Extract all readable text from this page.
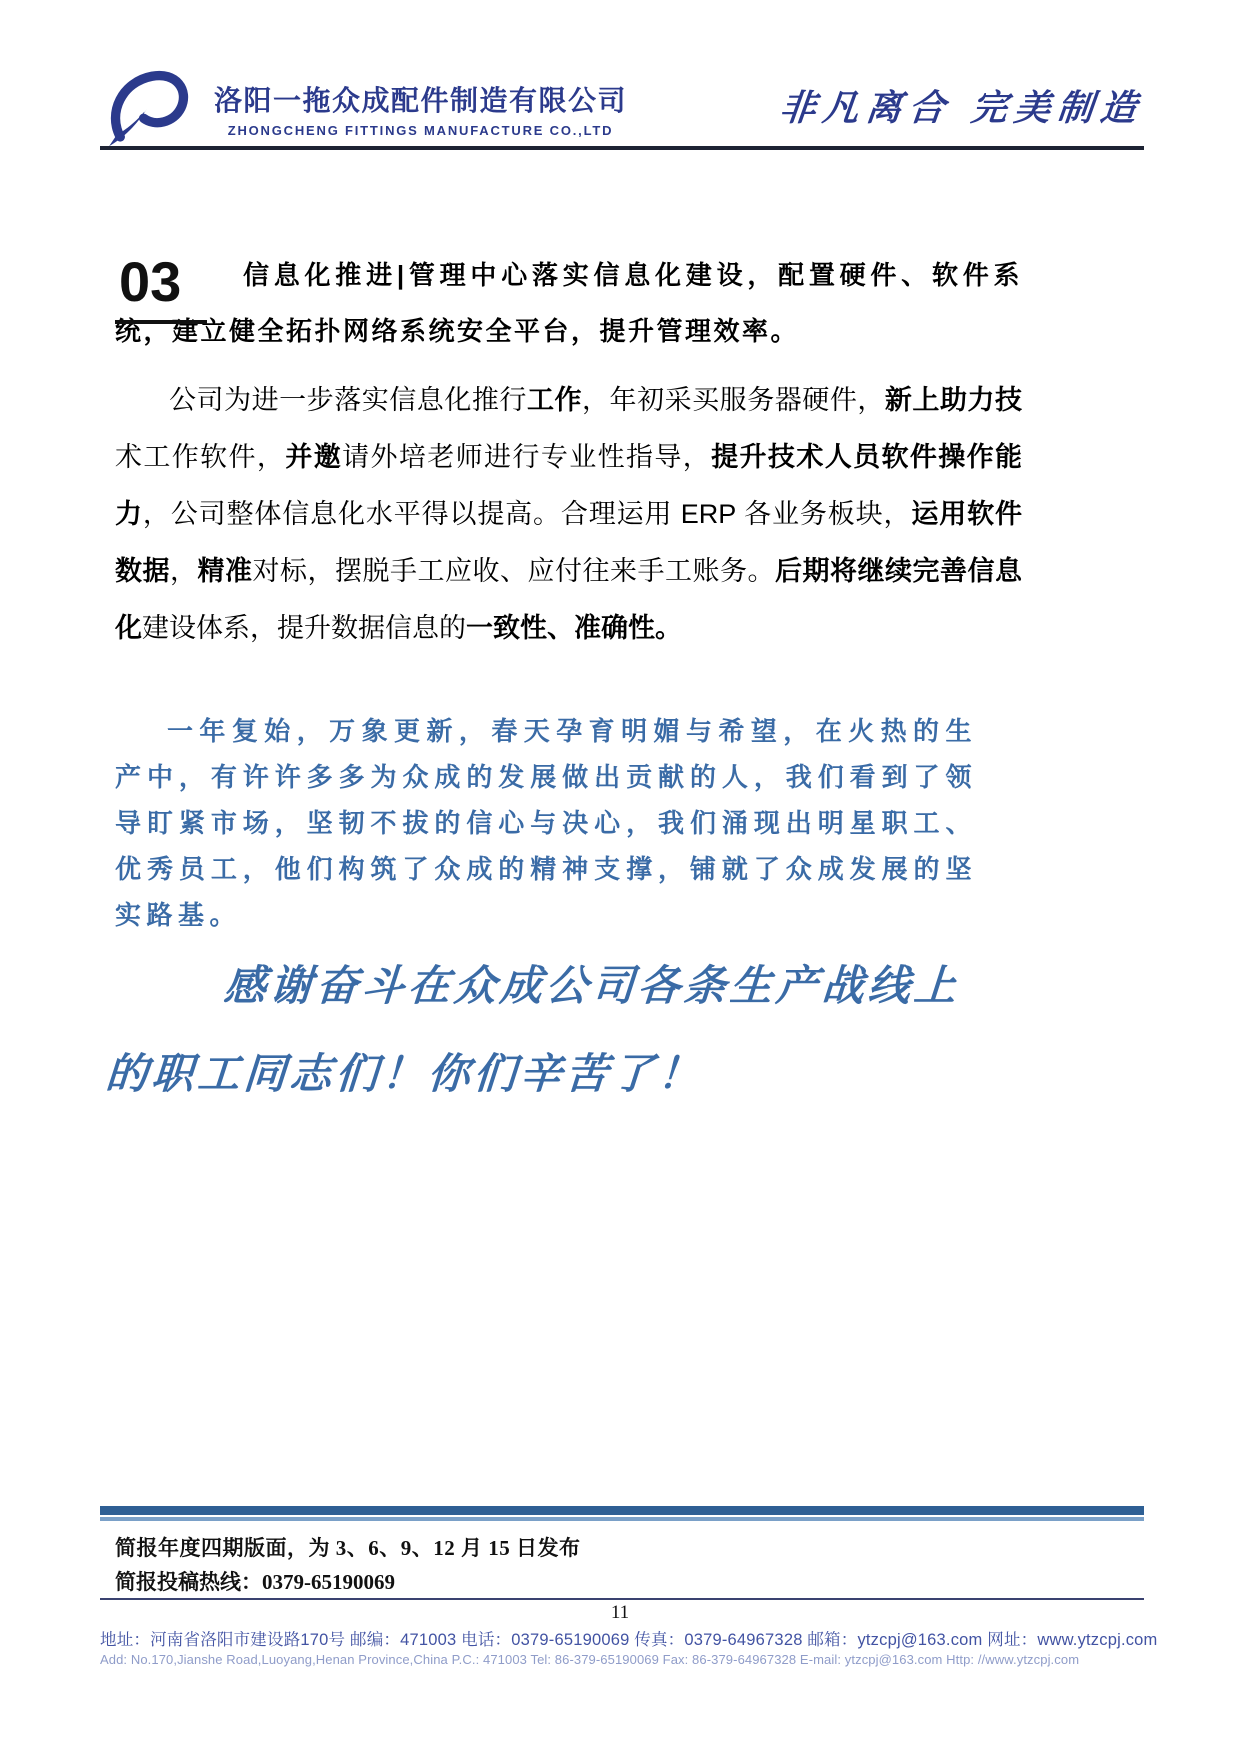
洛阳一拖众成配件制造有限公司
ZHONGCHENG FITTINGS MANUFACTURE CO.,LTD
非凡离合 完美制造
03	信息化推进|管理中心落实信息化建设，配置硬件、软件系统，建立健全拓扑网络系统安全平台，提升管理效率。
公司为进一步落实信息化推行工作，年初采买服务器硬件，新上助力技术工作软件，并邀请外培老师进行专业性指导，提升技术人员软件操作能力，公司整体信息化水平得以提高。合理运用 ERP 各业务板块，运用软件数据，精准对标，摆脱手工应收、应付往来手工账务。后期将继续完善信息化建设体系，提升数据信息的一致性、准确性。
一年复始，万象更新，春天孕育明媚与希望，在火热的生产中，有许许多多为众成的发展做出贡献的人，我们看到了领导盯紧市场，坚韧不拔的信心与决心，我们涌现出明星职工、优秀员工，他们构筑了众成的精神支撑，铺就了众成发展的坚实路基。
感谢奋斗在众成公司各条生产战线上
的职工同志们！你们辛苦了！
简报年度四期版面，为 3、6、9、12 月 15 日发布
简报投稿热线：0379-65190069
11
地址：河南省洛阳市建设路170号 邮编：471003 电话：0379-65190069 传真：0379-64967328 邮箱：ytzcpj@163.com 网址：www.ytzcpj.com
Add: No.170,Jianshe Road,Luoyang,Henan Province,China P.C.: 471003 Tel: 86-379-65190069 Fax: 86-379-64967328 E-mail: ytzcpj@163.com Http: //www.ytzcpj.com
